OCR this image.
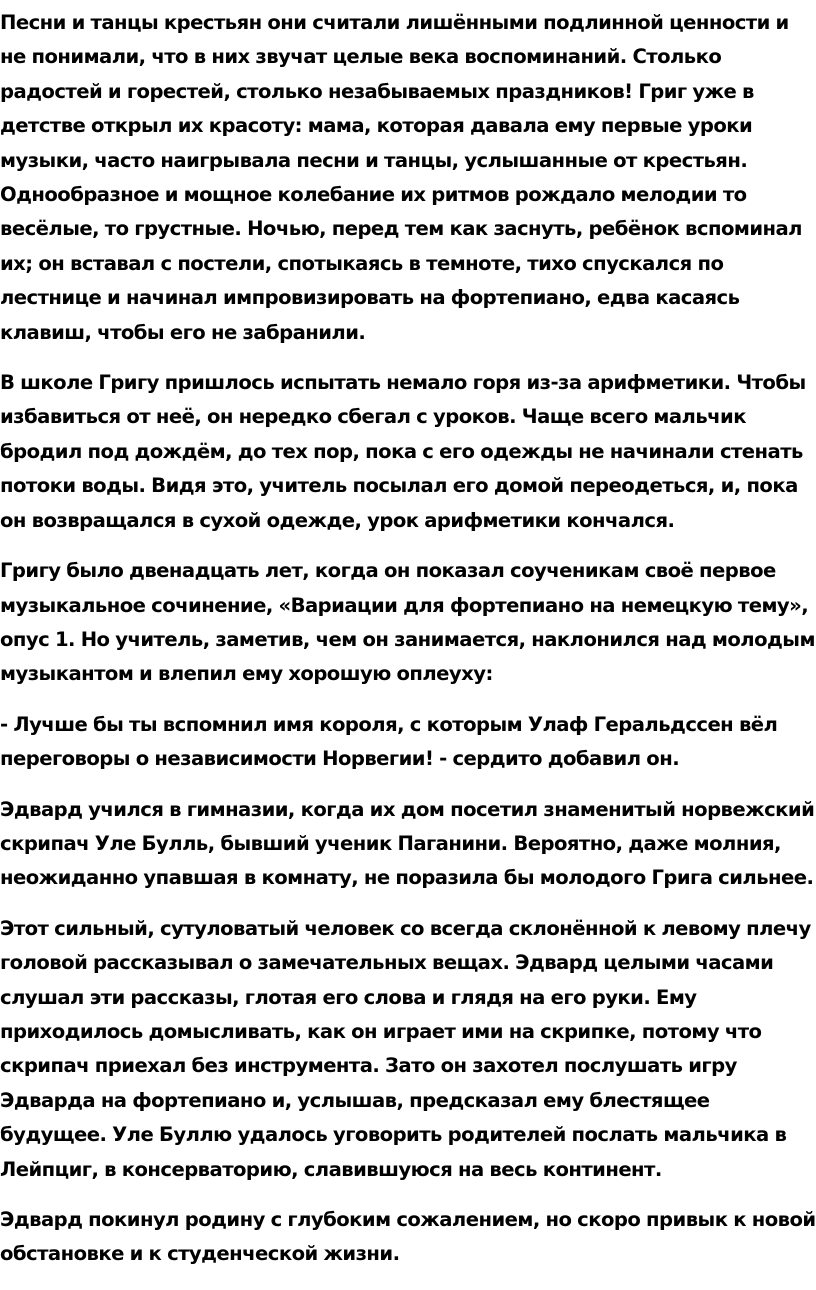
Песни и танцы крестьян они считали лишёнными подлинной ценности и не понимали, что в них звучат целые века воспоминаний. Столько радостей и горестей, столько незабываемых праздников! Григ уже в детстве открыл их красоту: мама, которая давала ему первые уроки музыки, часто наигрывала песни и танцы, услышанные от крестьян. Однообразное и мощное колебание их ритмов рождало мелодии то весёлые, то грустные. Ночью, перед тем как заснуть, ребёнок вспоминал их; он вставал с постели, спотыкаясь в темноте, тихо спускался по лестнице и начинал импровизировать на фортепиано, едва касаясь клавиш, чтобы его не забранили.

В школе Григу пришлось испытать немало горя из-за арифметики. Чтобы избавиться от неё, он нередко сбегал с уроков. Чаще всего мальчик бродил под дождём, до тех пор, пока с его одежды не начинали стенать потоки воды. Видя это, учитель посылал его домой переодеться, и, пока он возвращался в сухой одежде, урок арифметики кончался.

Григу было двенадцать лет, когда он показал соученикам своё первое музыкальное сочинение, «Вариации для фортепиано на немецкую тему», опус 1. Но учитель, заметив, чем он занимается, наклонился над молодым музыкантом и влепил ему хорошую оплеуху:

- Лучше бы ты вспомнил имя короля, с которым Улаф Геральдссен вёл переговоры о независимости Норвегии! - сердито добавил он.

Эдвард учился в гимназии, когда их дом посетил знаменитый норвежский скрипач Уле Булль, бывший ученик Паганини. Вероятно, даже молния, неожиданно упавшая в комнату, не поразила бы молодого Грига сильнее.

Этот сильный, сутуловатый человек со всегда склонённой к левому плечу головой рассказывал о замечательных вещах. Эдвард целыми часами слушал эти рассказы, глотая его слова и глядя на его руки. Ему приходилось домысливать, как он играет ими на скрипке, потому что скрипач приехал без инструмента. Зато он захотел послушать игру Эдварда на фортепиано и, услышав, предсказал ему блестящее будущее. Уле Буллю удалось уговорить родителей послать мальчика в Лейпциг, в консерваторию, славившуюся на весь континент.

Эдвард покинул родину с глубоким сожалением, но скоро привык к новой обстановке и к студенческой жизни.
